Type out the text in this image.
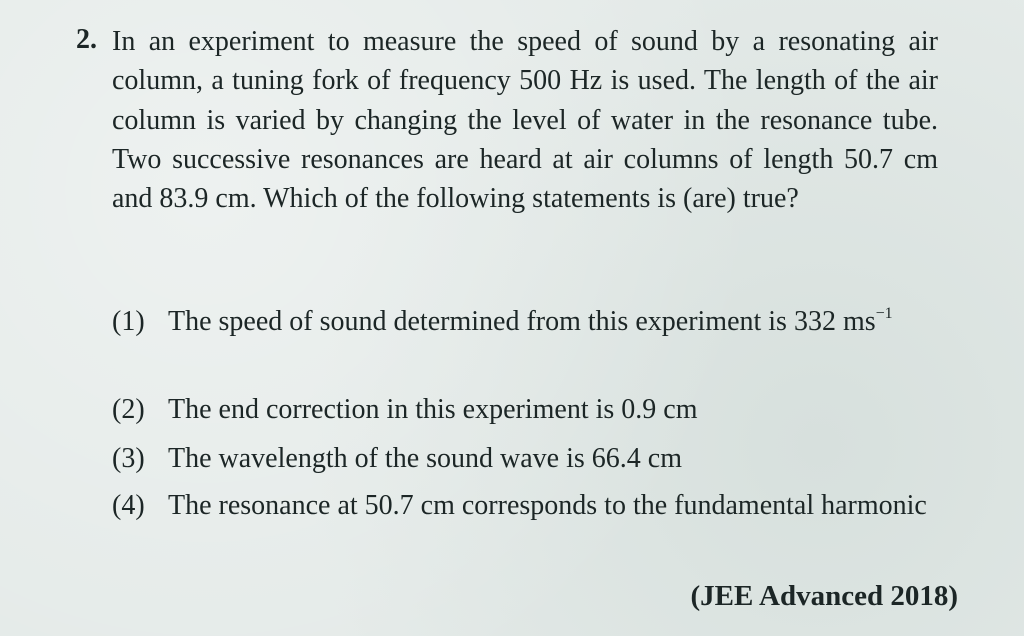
2. In an experiment to measure the speed of sound by a resonating air column, a tuning fork of frequency 500 Hz is used. The length of the air column is varied by changing the level of water in the resonance tube. Two successive resonances are heard at air columns of length 50.7 cm and 83.9 cm. Which of the following statements is (are) true?

(1) The speed of sound determined from this experiment is 332 $ms^{-1}$
(2) The end correction in this experiment is 0.9 cm
(3) The wavelength of the sound wave is 66.4 cm
(4) The resonance at 50.7 cm corresponds to the fundamental harmonic

(JEE Advanced 2018)
